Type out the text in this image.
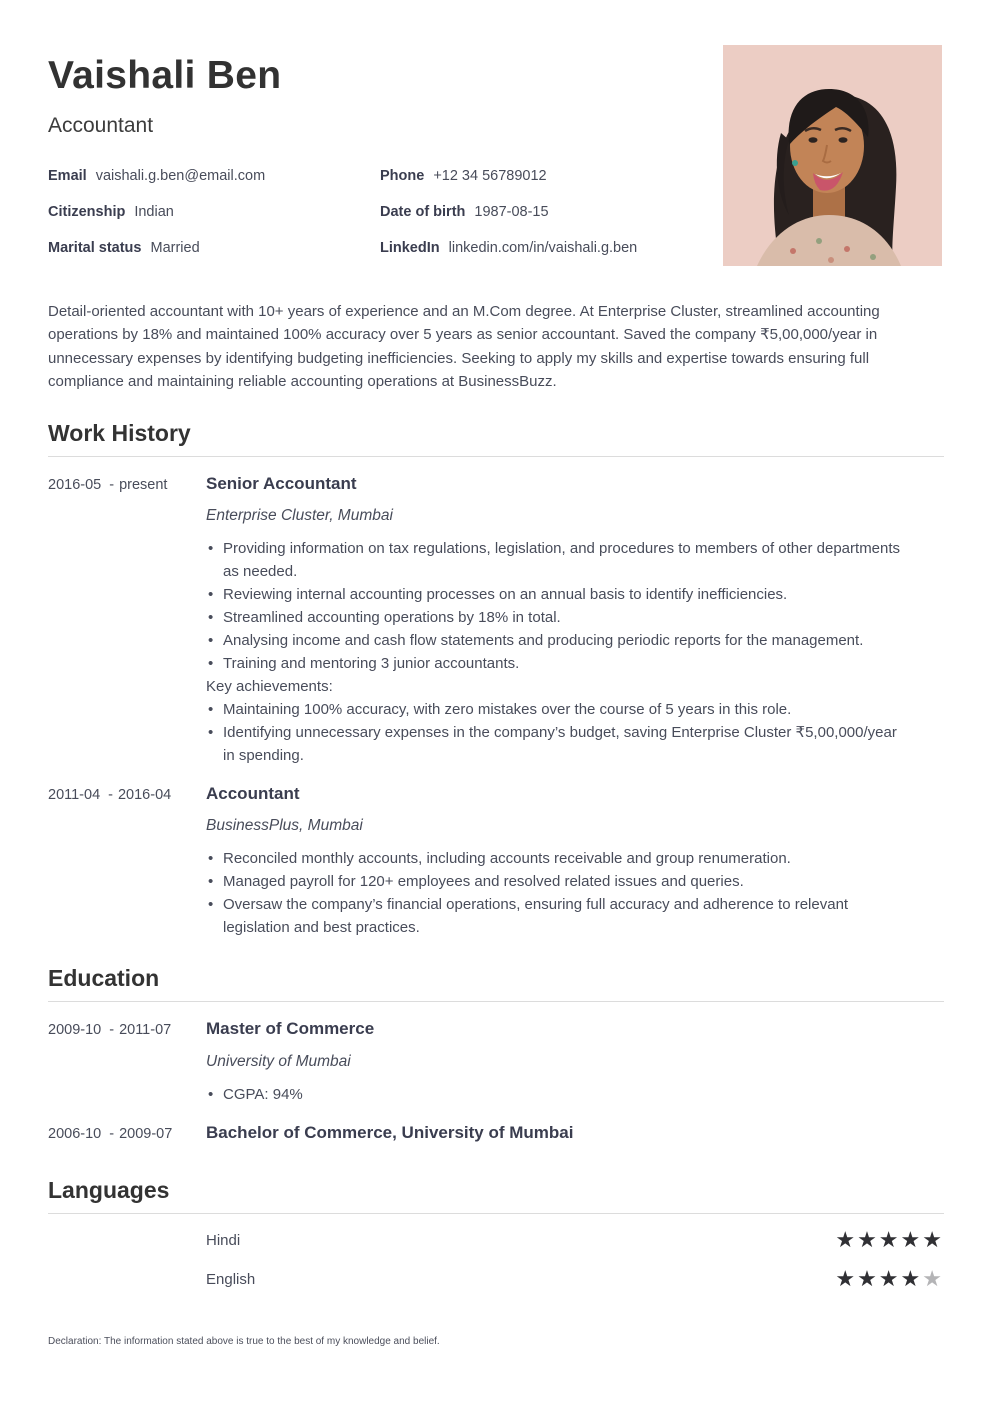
Vaishali Ben
Accountant
Email vaishali.g.ben@email.com	Phone +12 34 56789012
Citizenship Indian	Date of birth 1987-08-15
Marital status Married	LinkedIn linkedin.com/in/vaishali.g.ben

Detail-oriented accountant with 10+ years of experience and an M.Com degree. At Enterprise Cluster, streamlined accounting operations by 18% and maintained 100% accuracy over 5 years as senior accountant. Saved the company ₹5,00,000/year in unnecessary expenses by identifying budgeting inefficiencies. Seeking to apply my skills and expertise towards ensuring full compliance and maintaining reliable accounting operations at BusinessBuzz.

Work History
2016-05 - present	Senior Accountant
Enterprise Cluster, Mumbai
• Providing information on tax regulations, legislation, and procedures to members of other departments as needed.
• Reviewing internal accounting processes on an annual basis to identify inefficiencies.
• Streamlined accounting operations by 18% in total.
• Analysing income and cash flow statements and producing periodic reports for the management.
• Training and mentoring 3 junior accountants.
Key achievements:
• Maintaining 100% accuracy, with zero mistakes over the course of 5 years in this role.
• Identifying unnecessary expenses in the company’s budget, saving Enterprise Cluster ₹5,00,000/year in spending.
2011-04 - 2016-04	Accountant
BusinessPlus, Mumbai
• Reconciled monthly accounts, including accounts receivable and group renumeration.
• Managed payroll for 120+ employees and resolved related issues and queries.
• Oversaw the company’s financial operations, ensuring full accuracy and adherence to relevant legislation and best practices.
Education
2009-10 - 2011-07	Master of Commerce
University of Mumbai
• CGPA: 94%
2006-10 - 2009-07	Bachelor of Commerce, University of Mumbai
Languages
Hindi	★★★★★
English	★★★★★
Declaration: The information stated above is true to the best of my knowledge and belief.
